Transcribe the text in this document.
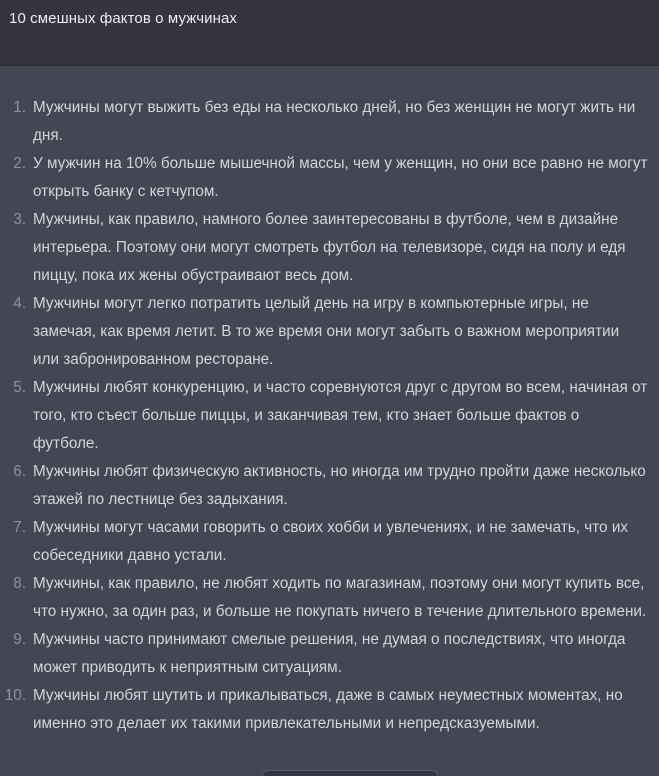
10 смешных фактов о мужчинах
1. Мужчины могут выжить без еды на несколько дней, но без женщин не могут жить ни дня.
2. У мужчин на 10% больше мышечной массы, чем у женщин, но они все равно не могут открыть банку с кетчупом.
3. Мужчины, как правило, намного более заинтересованы в футболе, чем в дизайне интерьера. Поэтому они могут смотреть футбол на телевизоре, сидя на полу и едя пиццу, пока их жены обустраивают весь дом.
4. Мужчины могут легко потратить целый день на игру в компьютерные игры, не замечая, как время летит. В то же время они могут забыть о важном мероприятии или забронированном ресторане.
5. Мужчины любят конкуренцию, и часто соревнуются друг с другом во всем, начиная от того, кто съест больше пиццы, и заканчивая тем, кто знает больше фактов о футболе.
6. Мужчины любят физическую активность, но иногда им трудно пройти даже несколько этажей по лестнице без задыхания.
7. Мужчины могут часами говорить о своих хобби и увлечениях, и не замечать, что их собеседники давно устали.
8. Мужчины, как правило, не любят ходить по магазинам, поэтому они могут купить все, что нужно, за один раз, и больше не покупать ничего в течение длительного времени.
9. Мужчины часто принимают смелые решения, не думая о последствиях, что иногда может приводить к неприятным ситуациям.
10. Мужчины любят шутить и прикалываться, даже в самых неуместных моментах, но именно это делает их такими привлекательными и непредсказуемыми.
